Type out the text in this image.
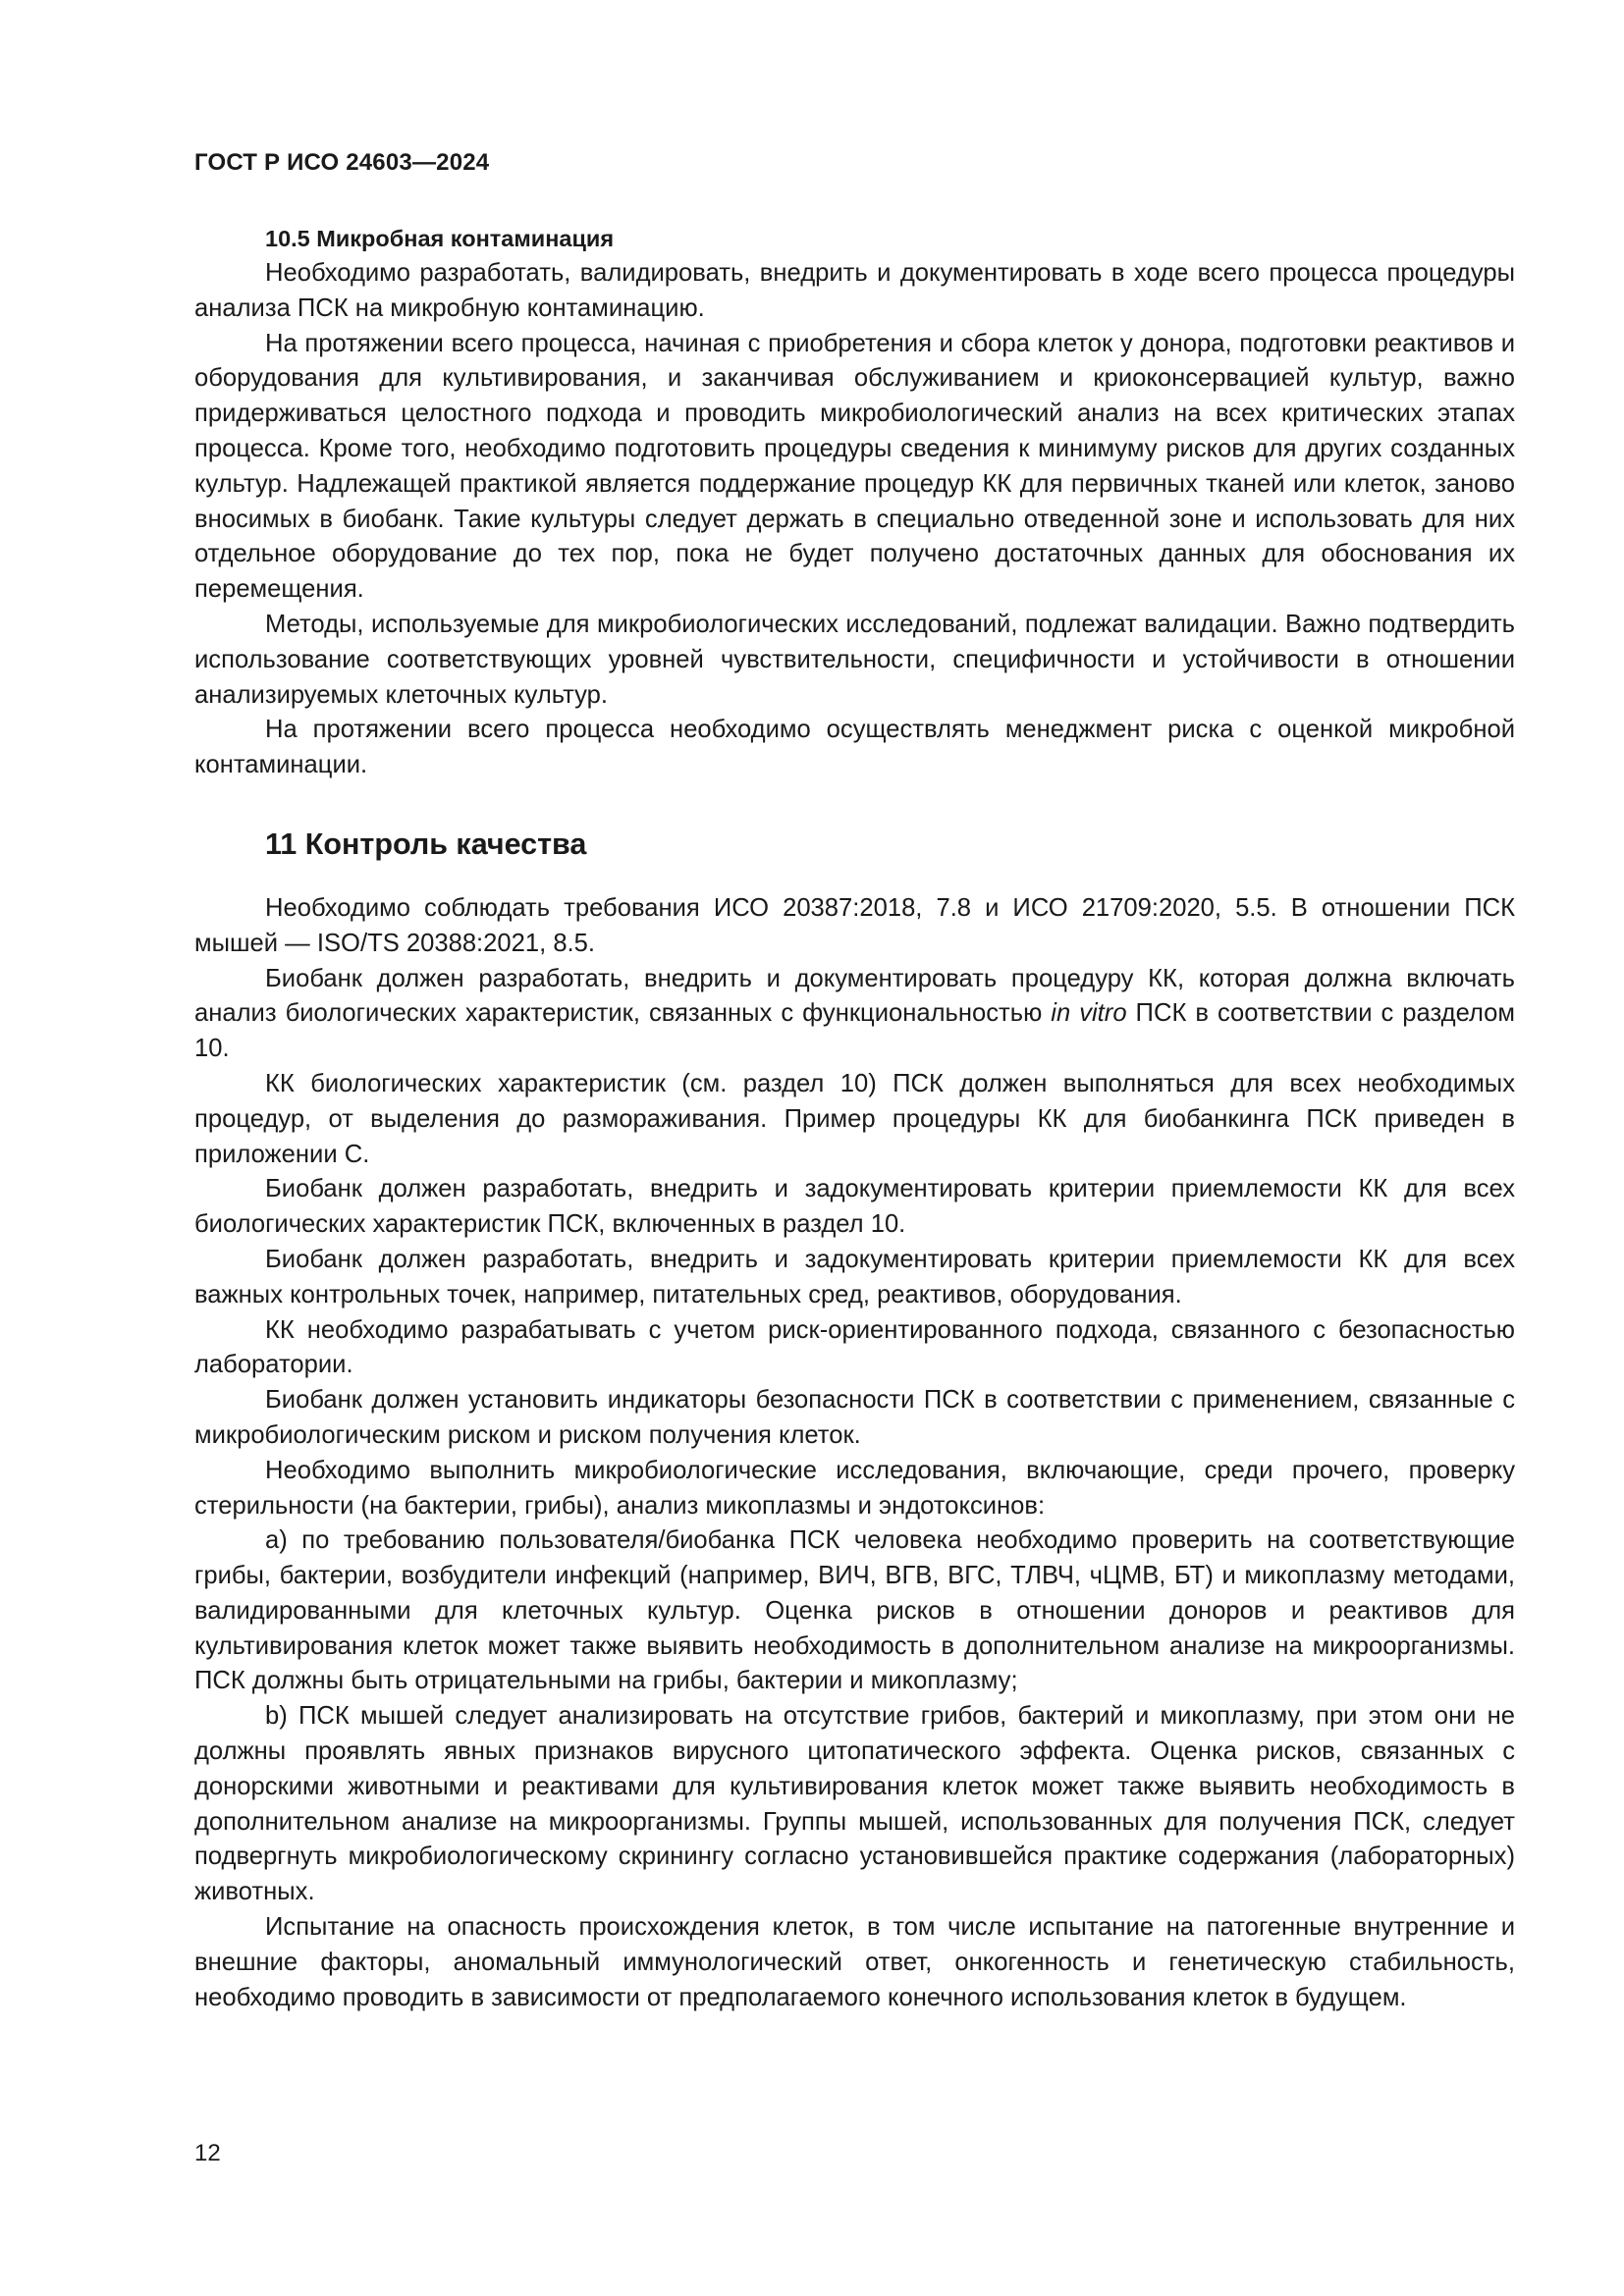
ГОСТ Р ИСО 24603—2024
10.5 Микробная контаминация

Необходимо разработать, валидировать, внедрить и документировать в ходе всего процесса процедуры анализа ПСК на микробную контаминацию.

На протяжении всего процесса, начиная с приобретения и сбора клеток у донора, подготовки реактивов и оборудования для культивирования, и заканчивая обслуживанием и криоконсервацией культур, важно придерживаться целостного подхода и проводить микробиологический анализ на всех критических этапах процесса. Кроме того, необходимо подготовить процедуры сведения к минимуму рисков для других созданных культур. Надлежащей практикой является поддержание процедур КК для первичных тканей или клеток, заново вносимых в биобанк. Такие культуры следует держать в специально отведенной зоне и использовать для них отдельное оборудование до тех пор, пока не будет получено достаточных данных для обоснования их перемещения.

Методы, используемые для микробиологических исследований, подлежат валидации. Важно подтвердить использование соответствующих уровней чувствительности, специфичности и устойчивости в отношении анализируемых клеточных культур.

На протяжении всего процесса необходимо осуществлять менеджмент риска с оценкой микробной контаминации.

11 Контроль качества

Необходимо соблюдать требования ИСО 20387:2018, 7.8 и ИСО 21709:2020, 5.5. В отношении ПСК мышей — ISO/TS 20388:2021, 8.5.

Биобанк должен разработать, внедрить и документировать процедуру КК, которая должна включать анализ биологических характеристик, связанных с функциональностью in vitro ПСК в соответствии с разделом 10.

КК биологических характеристик (см. раздел 10) ПСК должен выполняться для всех необходимых процедур, от выделения до размораживания. Пример процедуры КК для биобанкинга ПСК приведен в приложении С.

Биобанк должен разработать, внедрить и задокументировать критерии приемлемости КК для всех биологических характеристик ПСК, включенных в раздел 10.

Биобанк должен разработать, внедрить и задокументировать критерии приемлемости КК для всех важных контрольных точек, например, питательных сред, реактивов, оборудования.

КК необходимо разрабатывать с учетом риск-ориентированного подхода, связанного с безопасностью лаборатории.

Биобанк должен установить индикаторы безопасности ПСК в соответствии с применением, связанные с микробиологическим риском и риском получения клеток.

Необходимо выполнить микробиологические исследования, включающие, среди прочего, проверку стерильности (на бактерии, грибы), анализ микоплазмы и эндотоксинов:

а) по требованию пользователя/биобанка ПСК человека необходимо проверить на соответствующие грибы, бактерии, возбудители инфекций (например, ВИЧ, ВГВ, ВГС, ТЛВЧ, чЦМВ, БТ) и микоплазму методами, валидированными для клеточных культур. Оценка рисков в отношении доноров и реактивов для культивирования клеток может также выявить необходимость в дополнительном анализе на микроорганизмы. ПСК должны быть отрицательными на грибы, бактерии и микоплазму;

b) ПСК мышей следует анализировать на отсутствие грибов, бактерий и микоплазму, при этом они не должны проявлять явных признаков вирусного цитопатического эффекта. Оценка рисков, связанных с донорскими животными и реактивами для культивирования клеток может также выявить необходимость в дополнительном анализе на микроорганизмы. Группы мышей, использованных для получения ПСК, следует подвергнуть микробиологическому скринингу согласно установившейся практике содержания (лабораторных) животных.

Испытание на опасность происхождения клеток, в том числе испытание на патогенные внутренние и внешние факторы, аномальный иммунологический ответ, онкогенность и генетическую стабильность, необходимо проводить в зависимости от предполагаемого конечного использования клеток в будущем.

12
